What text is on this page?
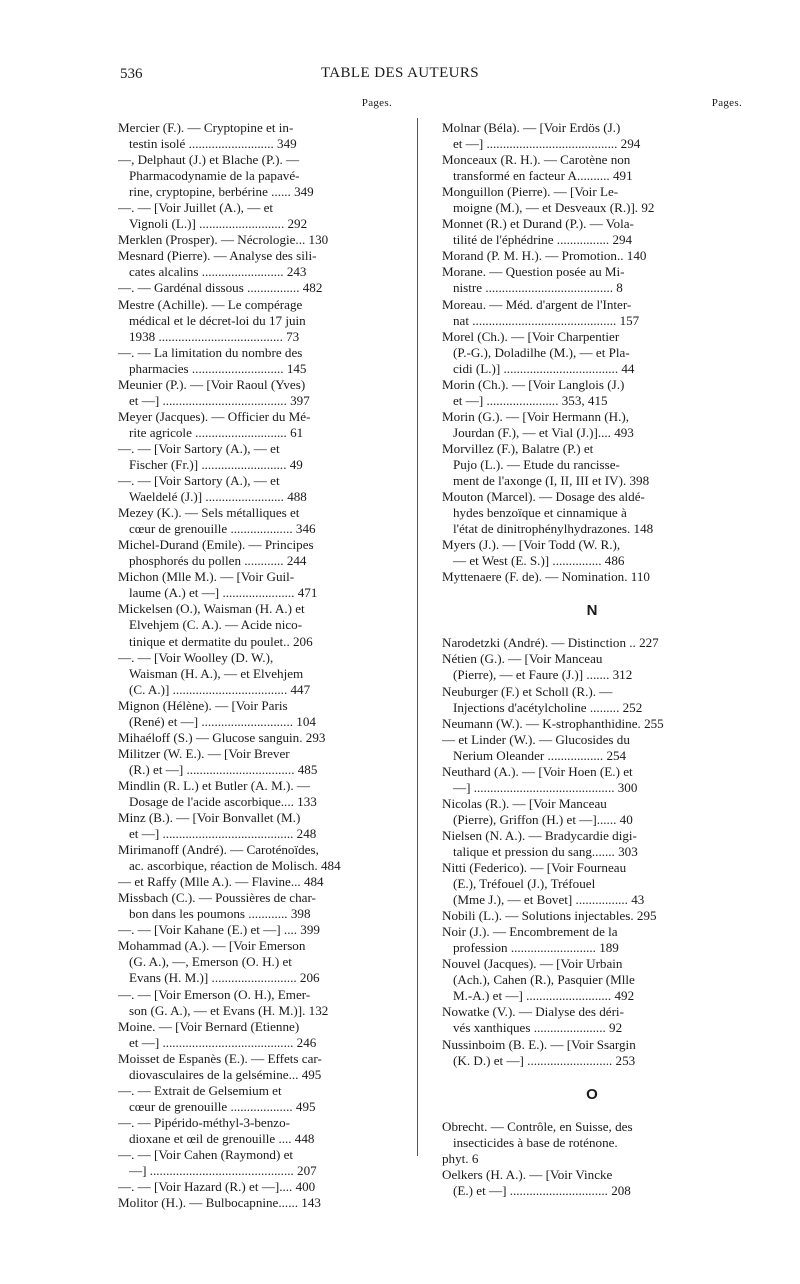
536	TABLE DES AUTEURS
Pages.
Mercier (F.). — Cryptopine et in-
testin isolé .......................... 349
—, Delphaut (J.) et Blache (P.). —
Pharmacodynamie de la papavé-
rine, cryptopine, berbérine ...... 349
—. — [Voir Juillet (A.), — et
Vignoli (L.)] .......................... 292
Merklen (Prosper). — Nécrologie... 130
Mesnard (Pierre). — Analyse des sili-
cates alcalins ......................... 243
—. — Gardénal dissous ................ 482
Mestre (Achille). — Le compérage
médical et le décret-loi du 17 juin
1938 ...................................... 73
—. — La limitation du nombre des
pharmacies ............................ 145
Meunier (P.). — [Voir Raoul (Yves)
et —] ...................................... 397
Meyer (Jacques). — Officier du Mé-
rite agricole ............................ 61
—. — [Voir Sartory (A.), — et
Fischer (Fr.)] .......................... 49
—. — [Voir Sartory (A.), — et
Waeldelé (J.)] ........................ 488
Mezey (K.). — Sels métalliques et
cœur de grenouille ................... 346
Michel-Durand (Emile). — Principes
phosphorés du pollen ............ 244
Michon (Mlle M.). — [Voir Guil-
laume (A.) et —] ...................... 471
Mickelsen (O.), Waisman (H. A.) et
Elvehjem (C. A.). — Acide nico-
tinique et dermatite du poulet.. 206
—. — [Voir Woolley (D. W.),
Waisman (H. A.), — et Elvehjem
(C. A.)] ................................... 447
Mignon (Hélène). — [Voir Paris
(René) et —] ............................ 104
Mihaéloff (S.) — Glucose sanguin. 293
Militzer (W. E.). — [Voir Brever
(R.) et —] ................................. 485
Mindlin (R. L.) et Butler (A. M.). —
Dosage de l'acide ascorbique.... 133
Minz (B.). — [Voir Bonvallet (M.)
et —] ........................................ 248
Mirimanoff (André). — Caroténoïdes,
ac. ascorbique, réaction de Molisch. 484
— et Raffy (Mlle A.). — Flavine... 484
Missbach (C.). — Poussières de char-
bon dans les poumons ............ 398
—. — [Voir Kahane (E.) et —] .... 399
Mohammad (A.). — [Voir Emerson
(G. A.), —, Emerson (O. H.) et
Evans (H. M.)] .......................... 206
—. — [Voir Emerson (O. H.), Emer-
son (G. A.), — et Evans (H. M.)]. 132
Moine. — [Voir Bernard (Etienne)
et —] ........................................ 246
Moisset de Espanès (E.). — Effets car-
diovasculaires de la gelsémine... 495
—. — Extrait de Gelsemium et
cœur de grenouille ................... 495
—. — Pipérido-méthyl-3-benzo-
dioxane et œil de grenouille .... 448
—. — [Voir Cahen (Raymond) et
—] ............................................ 207
—. — [Voir Hazard (R.) et —].... 400
Molitor (H.). — Bulbocapnine...... 143
Pages.
Molnar (Béla). — [Voir Erdös (J.)
et —] ........................................ 294
Monceaux (R. H.). — Carotène non
transformé en facteur A.......... 491
Monguillon (Pierre). — [Voir Le-
moigne (M.), — et Desveaux (R.)]. 92
Monnet (R.) et Durand (P.). — Vola-
tilité de l'éphédrine ................ 294
Morand (P. M. H.). — Promotion.. 140
Morane. — Question posée au Mi-
nistre ....................................... 8
Moreau. — Méd. d'argent de l'Inter-
nat ............................................ 157
Morel (Ch.). — [Voir Charpentier
(P.-G.), Doladilhe (M.), — et Pla-
cidi (L.)] ................................... 44
Morin (Ch.). — [Voir Langlois (J.)
et —] ...................... 353, 415
Morin (G.). — [Voir Hermann (H.),
Jourdan (F.), — et Vial (J.)].... 493
Morvillez (F.), Balatre (P.) et
Pujo (L.). — Etude du rancisse-
ment de l'axonge (I, II, III et IV). 398
Mouton (Marcel). — Dosage des aldé-
hydes benzoïque et cinnamique à
l'état de dinitrophénylhydrazones. 148
Myers (J.). — [Voir Todd (W. R.),
— et West (E. S.)] ............... 486
Myttenaere (F. de). — Nomination. 110
N
Narodetzki (André). — Distinction .. 227
Nétien (G.). — [Voir Manceau
(Pierre), — et Faure (J.)] ....... 312
Neuburger (F.) et Scholl (R.). —
Injections d'acétylcholine ......... 252
Neumann (W.). — K-strophanthidine. 255
— et Linder (W.). — Glucosides du
Nerium Oleander ................. 254
Neuthard (A.). — [Voir Hoen (E.) et
—] ........................................... 300
Nicolas (R.). — [Voir Manceau
(Pierre), Griffon (H.) et —]...... 40
Nielsen (N. A.). — Bradycardie digi-
talique et pression du sang....... 303
Nitti (Federico). — [Voir Fourneau
(E.), Tréfouel (J.), Tréfouel
(Mme J.), — et Bovet] ................ 43
Nobili (L.). — Solutions injectables. 295
Noir (J.). — Encombrement de la
profession .......................... 189
Nouvel (Jacques). — [Voir Urbain
(Ach.), Cahen (R.), Pasquier (Mlle
M.-A.) et —] .......................... 492
Nowatke (V.). — Dialyse des déri-
vés xanthiques ...................... 92
Nussinboim (B. E.). — [Voir Ssargin
(K. D.) et —] .......................... 253
O
Obrecht. — Contrôle, en Suisse, des
insecticides à base de roténone.
phyt. 6
Oelkers (H. A.). — [Voir Vincke
(E.) et —] .............................. 208
